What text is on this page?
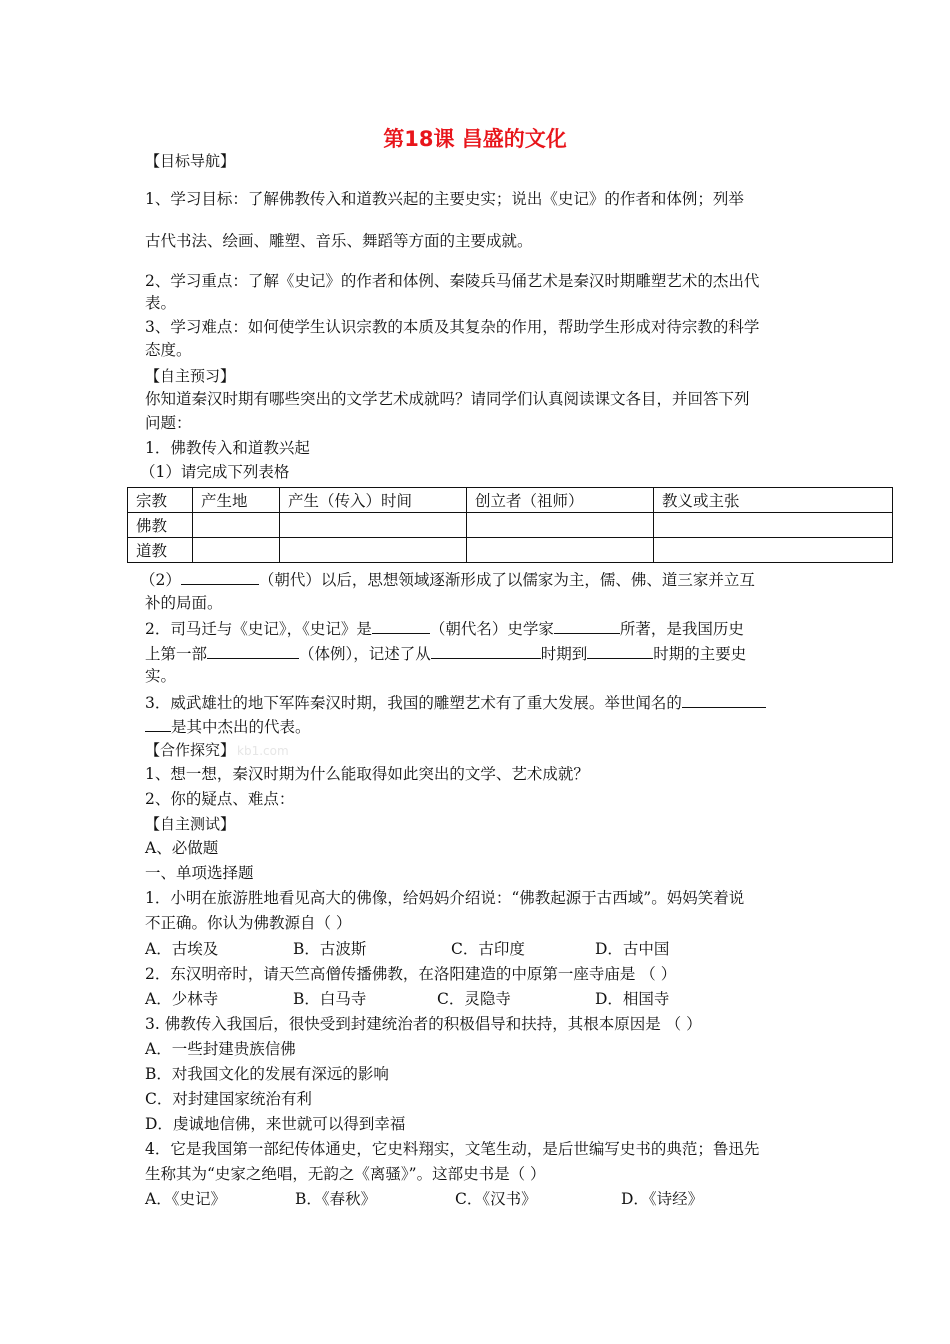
第18课 昌盛的文化
【目标导航】
1、学习目标：了解佛教传入和道教兴起的主要史实；说出《史记》的作者和体例；列举
古代书法、绘画、雕塑、音乐、舞蹈等方面的主要成就。
2、学习重点：了解《史记》的作者和体例、秦陵兵马俑艺术是秦汉时期雕塑艺术的杰出代
表。
3、学习难点：如何使学生认识宗教的本质及其复杂的作用，帮助学生形成对待宗教的科学
态度。
【自主预习】
你知道秦汉时期有哪些突出的文学艺术成就吗？请同学们认真阅读课文各目，并回答下列
问题：
1．佛教传入和道教兴起
（1）请完成下列表格
宗教	产生地	产生（传入）时间	创立者（祖师）	教义或主张
佛教				
道教				
（2）	（朝代）以后，思想领域逐渐形成了以儒家为主，儒、佛、道三家并立互
补的局面。
2．司马迁与《史记》，《史记》是	（朝代名）史学家	所著，是我国历史
上第一部	（体例），记述了从	时期到	时期的主要史
实。
3．威武雄壮的地下军阵秦汉时期，我国的雕塑艺术有了重大发展。举世闻名的
是其中杰出的代表。
【合作探究】 kb1.com
1、想一想，秦汉时期为什么能取得如此突出的文学、艺术成就？
2、你的疑点、难点：
【自主测试】
A、必做题
一、单项选择题
1．小明在旅游胜地看见高大的佛像，给妈妈介绍说：“佛教起源于古西域”。妈妈笑着说
不正确。你认为佛教源自（ ）
A．古埃及	B．古波斯	C．古印度	D．古中国
2．东汉明帝时，请天竺高僧传播佛教，在洛阳建造的中原第一座寺庙是 （ ）
A．少林寺	B．白马寺	C．灵隐寺	D．相国寺
3. 佛教传入我国后，很快受到封建统治者的积极倡导和扶持，其根本原因是 （ ）
A．一些封建贵族信佛
B．对我国文化的发展有深远的影响
C．对封建国家统治有利
D．虔诚地信佛，来世就可以得到幸福
4．它是我国第一部纪传体通史，它史料翔实，文笔生动，是后世编写史书的典范；鲁迅先
生称其为“史家之绝唱，无韵之《离骚》”。这部史书是（ ）
A．《史记》	B．《春秋》	C．《汉书》	D．《诗经》
